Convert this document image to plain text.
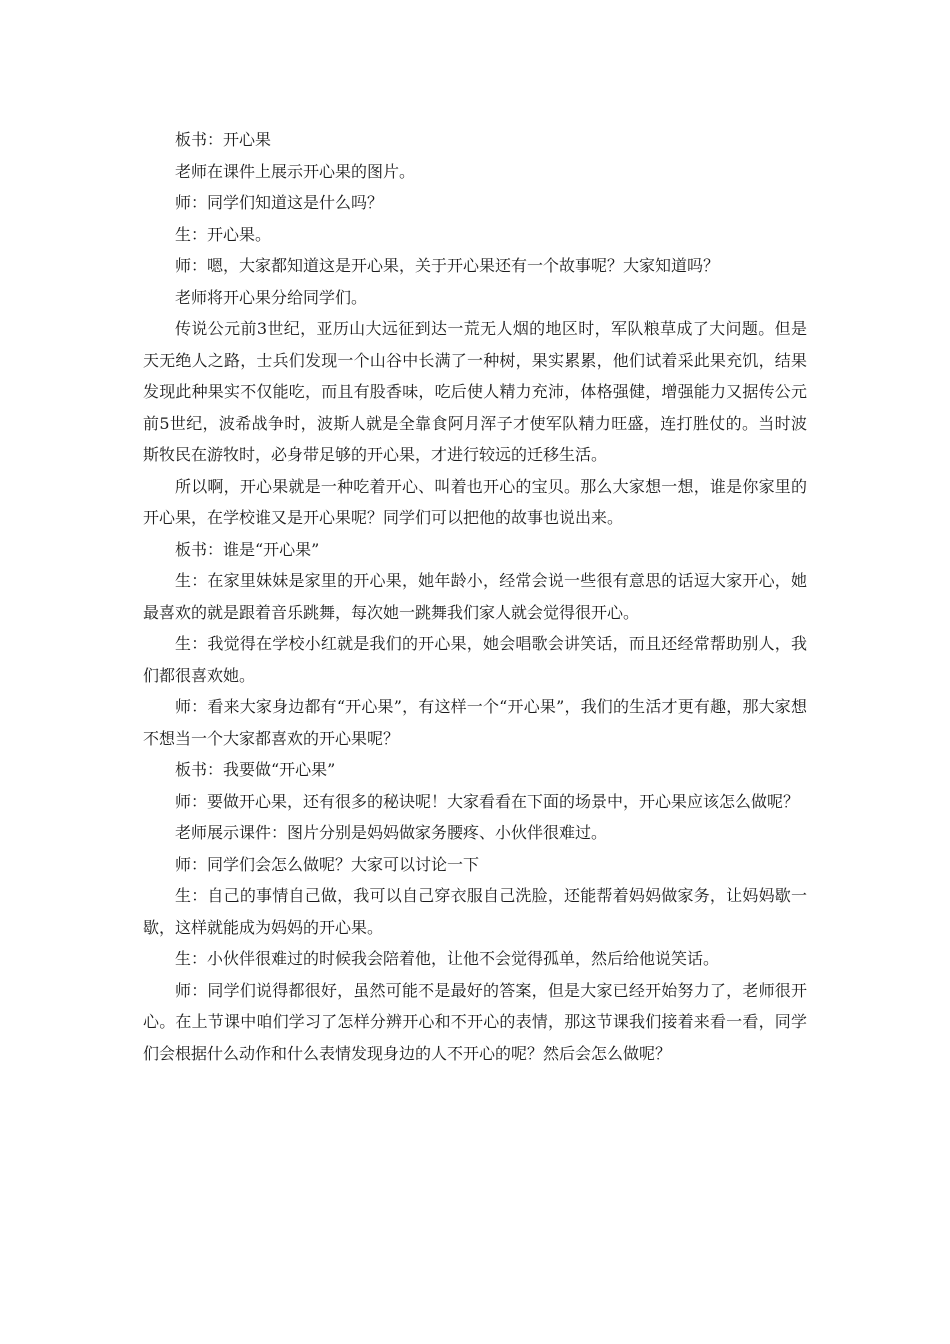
板书：开心果

老师在课件上展示开心果的图片。

师：同学们知道这是什么吗？

生：开心果。

师：嗯，大家都知道这是开心果，关于开心果还有一个故事呢？大家知道吗？

老师将开心果分给同学们。

传说公元前3世纪，亚历山大远征到达一荒无人烟的地区时，军队粮草成了大问题。但是天无绝人之路，士兵们发现一个山谷中长满了一种树，果实累累，他们试着采此果充饥，结果发现此种果实不仅能吃，而且有股香味，吃后使人精力充沛，体格强健，增强能力又据传公元前5世纪，波希战争时，波斯人就是全靠食阿月浑子才使军队精力旺盛，连打胜仗的。当时波斯牧民在游牧时，必身带足够的开心果，才进行较远的迁移生活。

所以啊，开心果就是一种吃着开心、叫着也开心的宝贝。那么大家想一想，谁是你家里的开心果，在学校谁又是开心果呢？同学们可以把他的故事也说出来。

板书：谁是“开心果”

生：在家里妹妹是家里的开心果，她年龄小，经常会说一些很有意思的话逗大家开心，她最喜欢的就是跟着音乐跳舞，每次她一跳舞我们家人就会觉得很开心。

生：我觉得在学校小红就是我们的开心果，她会唱歌会讲笑话，而且还经常帮助别人，我们都很喜欢她。

师：看来大家身边都有“开心果”，有这样一个“开心果”，我们的生活才更有趣，那大家想不想当一个大家都喜欢的开心果呢？

板书：我要做“开心果”

师：要做开心果，还有很多的秘诀呢！大家看看在下面的场景中，开心果应该怎么做呢？

老师展示课件：图片分别是妈妈做家务腰疼、小伙伴很难过。

师：同学们会怎么做呢？大家可以讨论一下

生：自己的事情自己做，我可以自己穿衣服自己洗脸，还能帮着妈妈做家务，让妈妈歇一歇，这样就能成为妈妈的开心果。

生：小伙伴很难过的时候我会陪着他，让他不会觉得孤单，然后给他说笑话。

师：同学们说得都很好，虽然可能不是最好的答案，但是大家已经开始努力了，老师很开心。在上节课中咱们学习了怎样分辨开心和不开心的表情，那这节课我们接着来看一看，同学们会根据什么动作和什么表情发现身边的人不开心的呢？然后会怎么做呢？
